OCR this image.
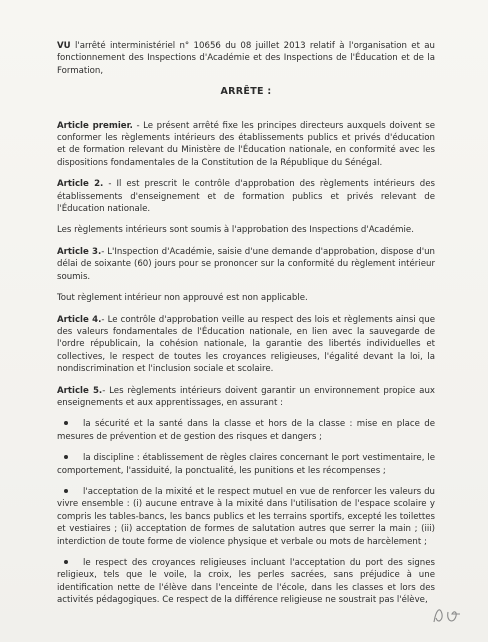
VU l'arrêté interministériel n° 10656 du 08 juillet 2013 relatif à l'organisation et au fonctionnement des Inspections d'Académie et des Inspections de l'Éducation et de la Formation,

ARRÊTE :

Article premier. - Le présent arrêté fixe les principes directeurs auxquels doivent se conformer les règlements intérieurs des établissements publics et privés d'éducation et de formation relevant du Ministère de l'Éducation nationale, en conformité avec les dispositions fondamentales de la Constitution de la République du Sénégal.

Article 2. - Il est prescrit le contrôle d'approbation des règlements intérieurs des établissements d'enseignement et de formation publics et privés relevant de l'Éducation nationale.

Les règlements intérieurs sont soumis à l'approbation des Inspections d'Académie.

Article 3.- L'Inspection d'Académie, saisie d'une demande d'approbation, dispose d'un délai de soixante (60) jours pour se prononcer sur la conformité du règlement intérieur soumis.

Tout règlement intérieur non approuvé est non applicable.

Article 4.- Le contrôle d'approbation veille au respect des lois et règlements ainsi que des valeurs fondamentales de l'Éducation nationale, en lien avec la sauvegarde de l'ordre républicain, la cohésion nationale, la garantie des libertés individuelles et collectives, le respect de toutes les croyances religieuses, l'égalité devant la loi, la nondiscrimination et l'inclusion sociale et scolaire.

Article 5.- Les règlements intérieurs doivent garantir un environnement propice aux enseignements et aux apprentissages, en assurant :

la sécurité et la santé dans la classe et hors de la classe : mise en place de mesures de prévention et de gestion des risques et dangers ;

la discipline : établissement de règles claires concernant le port vestimentaire, le comportement, l'assiduité, la ponctualité, les punitions et les récompenses ;

l'acceptation de la mixité et le respect mutuel en vue de renforcer les valeurs du vivre ensemble : (i) aucune entrave à la mixité dans l'utilisation de l'espace scolaire y compris les tables-bancs, les bancs publics et les terrains sportifs, excepté les toilettes et vestiaires ; (ii) acceptation de formes de salutation autres que serrer la main ; (iii) interdiction de toute forme de violence physique et verbale ou mots de harcèlement ;

le respect des croyances religieuses incluant l'acceptation du port des signes religieux, tels que le voile, la croix, les perles sacrées, sans préjudice à une identification nette de l'élève dans l'enceinte de l'école, dans les classes et lors des activités pédagogiques. Ce respect de la différence religieuse ne soustrait pas l'élève,
